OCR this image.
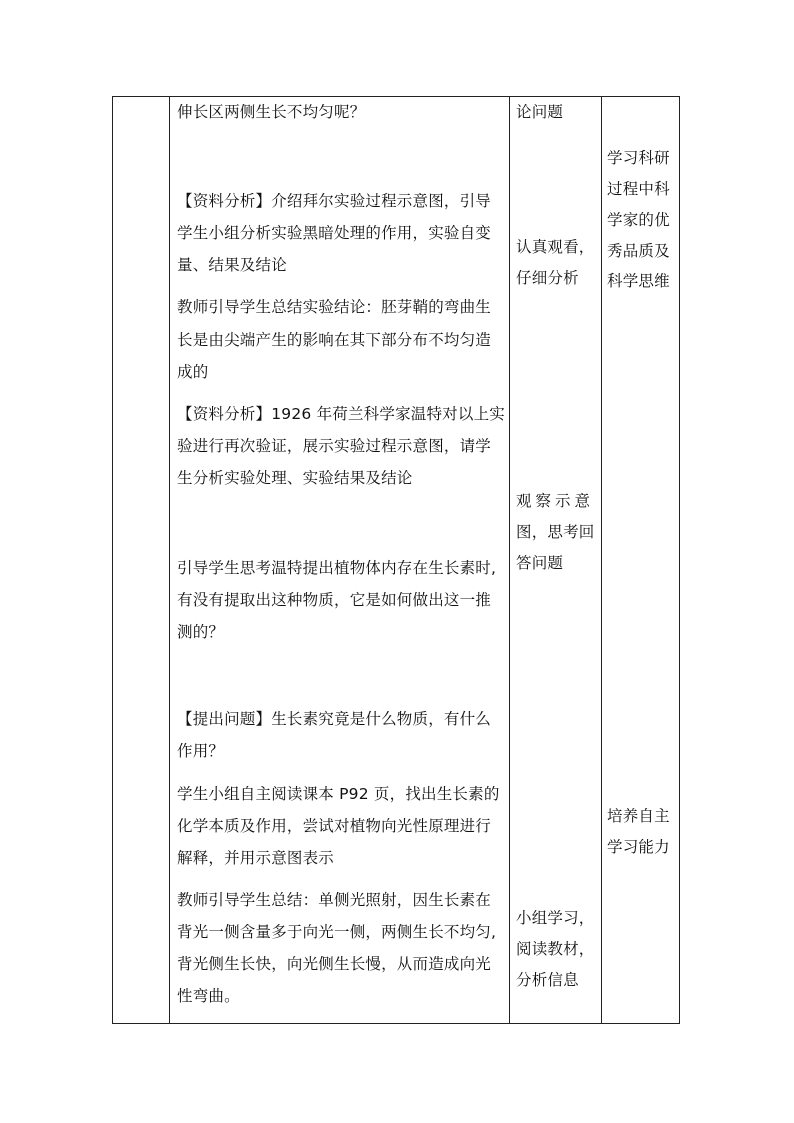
伸长区两侧生长不均匀呢？
【资料分析】介绍拜尔实验过程示意图，引导
学生小组分析实验黑暗处理的作用，实验自变
量、结果及结论
教师引导学生总结实验结论：胚芽鞘的弯曲生
长是由尖端产生的影响在其下部分布不均匀造
成的
【资料分析】1926 年荷兰科学家温特对以上实
验进行再次验证，展示实验过程示意图，请学
生分析实验处理、实验结果及结论
引导学生思考温特提出植物体内存在生长素时,
有没有提取出这种物质，它是如何做出这一推
测的？
【提出问题】生长素究竟是什么物质，有什么
作用？
学生小组自主阅读课本 P92 页，找出生长素的
化学本质及作用，尝试对植物向光性原理进行
解释，并用示意图表示
教师引导学生总结：单侧光照射，因生长素在
背光一侧含量多于向光一侧，两侧生长不均匀,
背光侧生长快，向光侧生长慢，从而造成向光
性弯曲。
论问题
认真观看，
仔细分析
观察示意
图，思考回
答问题
小组学习，
阅读教材，
分析信息
学习科研
过程中科
学家的优
秀品质及
科学思维
培养自主
学习能力
